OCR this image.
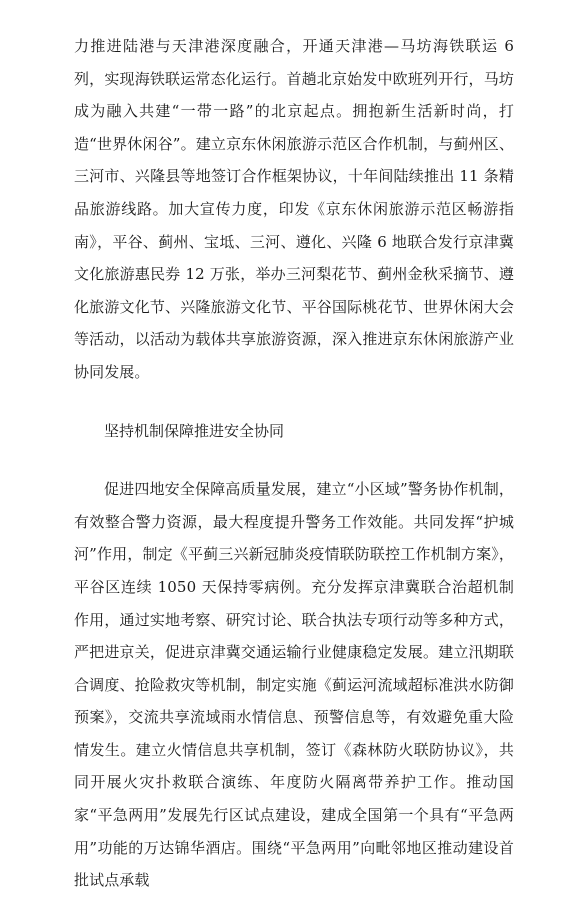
力推进陆港与天津港深度融合，开通天津港—马坊海铁联运 6 列，实现海铁联运常态化运行。首趟北京始发中欧班列开行，马坊成为融入共建“一带一路”的北京起点。拥抱新生活新时尚，打造“世界休闲谷”。建立京东休闲旅游示范区合作机制，与蓟州区、三河市、兴隆县等地签订合作框架协议，十年间陆续推出 11 条精品旅游线路。加大宣传力度，印发《京东休闲旅游示范区畅游指南》，平谷、蓟州、宝坻、三河、遵化、兴隆 6 地联合发行京津冀文化旅游惠民券 12 万张，举办三河梨花节、蓟州金秋采摘节、遵化旅游文化节、兴隆旅游文化节、平谷国际桃花节、世界休闲大会等活动，以活动为载体共享旅游资源，深入推进京东休闲旅游产业协同发展。

坚持机制保障推进安全协同

促进四地安全保障高质量发展，建立“小区域”警务协作机制，有效整合警力资源，最大程度提升警务工作效能。共同发挥“护城河”作用，制定《平蓟三兴新冠肺炎疫情联防联控工作机制方案》，平谷区连续 1050 天保持零病例。充分发挥京津冀联合治超机制作用，通过实地考察、研究讨论、联合执法专项行动等多种方式，严把进京关，促进京津冀交通运输行业健康稳定发展。建立汛期联合调度、抢险救灾等机制，制定实施《蓟运河流域超标准洪水防御预案》，交流共享流域雨水情信息、预警信息等，有效避免重大险情发生。建立火情信息共享机制，签订《森林防火联防协议》，共同开展火灾扑救联合演练、年度防火隔离带养护工作。推动国家“平急两用”发展先行区试点建设，建成全国第一个具有“平急两用”功能的万达锦华酒店。围绕“平急两用”向毗邻地区推动建设首批试点承载
